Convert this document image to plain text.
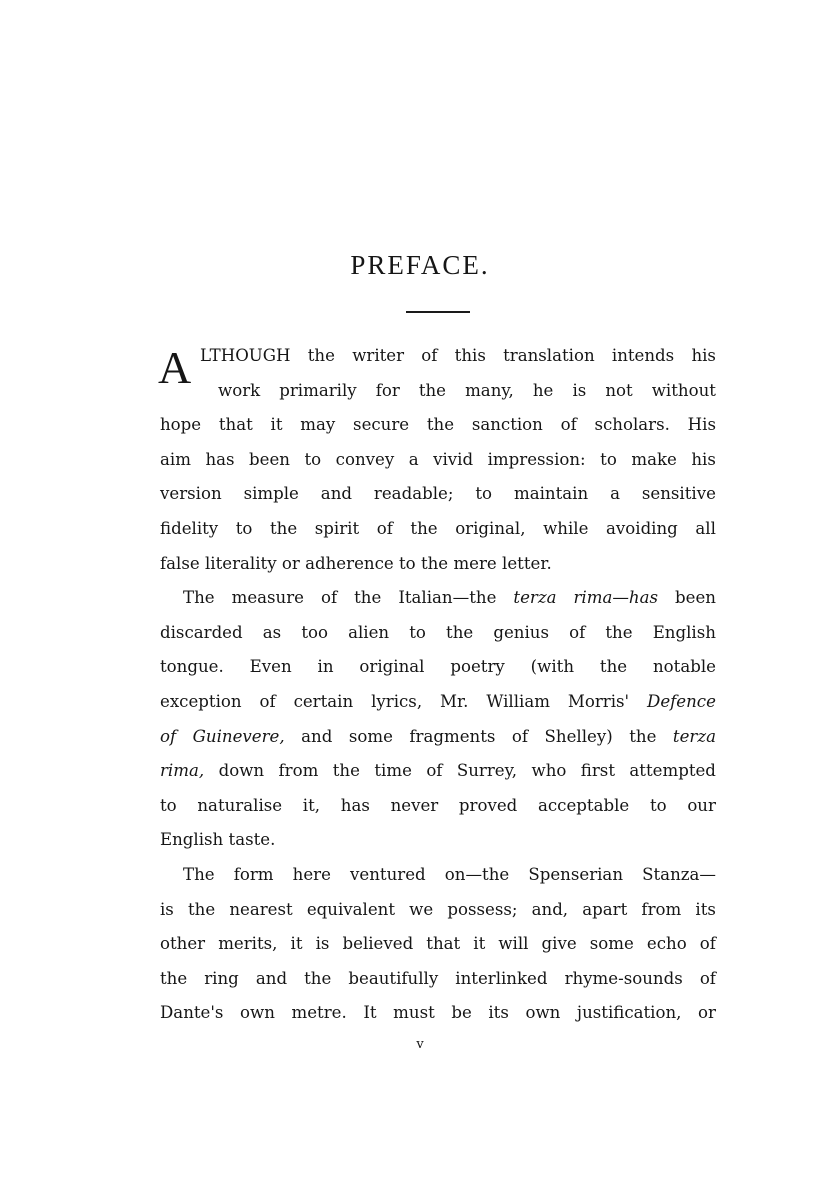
PREFACE.
A LTHOUGH the writer of this translation intends his
work primarily for the many, he is not without
hope that it may secure the sanction of scholars. His
aim has been to convey a vivid impression: to make his
version simple and readable; to maintain a sensitive
fidelity to the spirit of the original, while avoiding all
false literality or adherence to the mere letter.
The measure of the Italian—the terza rima—has been
discarded as too alien to the genius of the English
tongue. Even in original poetry (with the notable
exception of certain lyrics, Mr. William Morris' Defence
of Guinevere, and some fragments of Shelley) the terza
rima, down from the time of Surrey, who first attempted
to naturalise it, has never proved acceptable to our
English taste.
The form here ventured on—the Spenserian Stanza—
is the nearest equivalent we possess; and, apart from its
other merits, it is believed that it will give some echo of
the ring and the beautifully interlinked rhyme-sounds of
Dante's own metre. It must be its own justification, or
v
